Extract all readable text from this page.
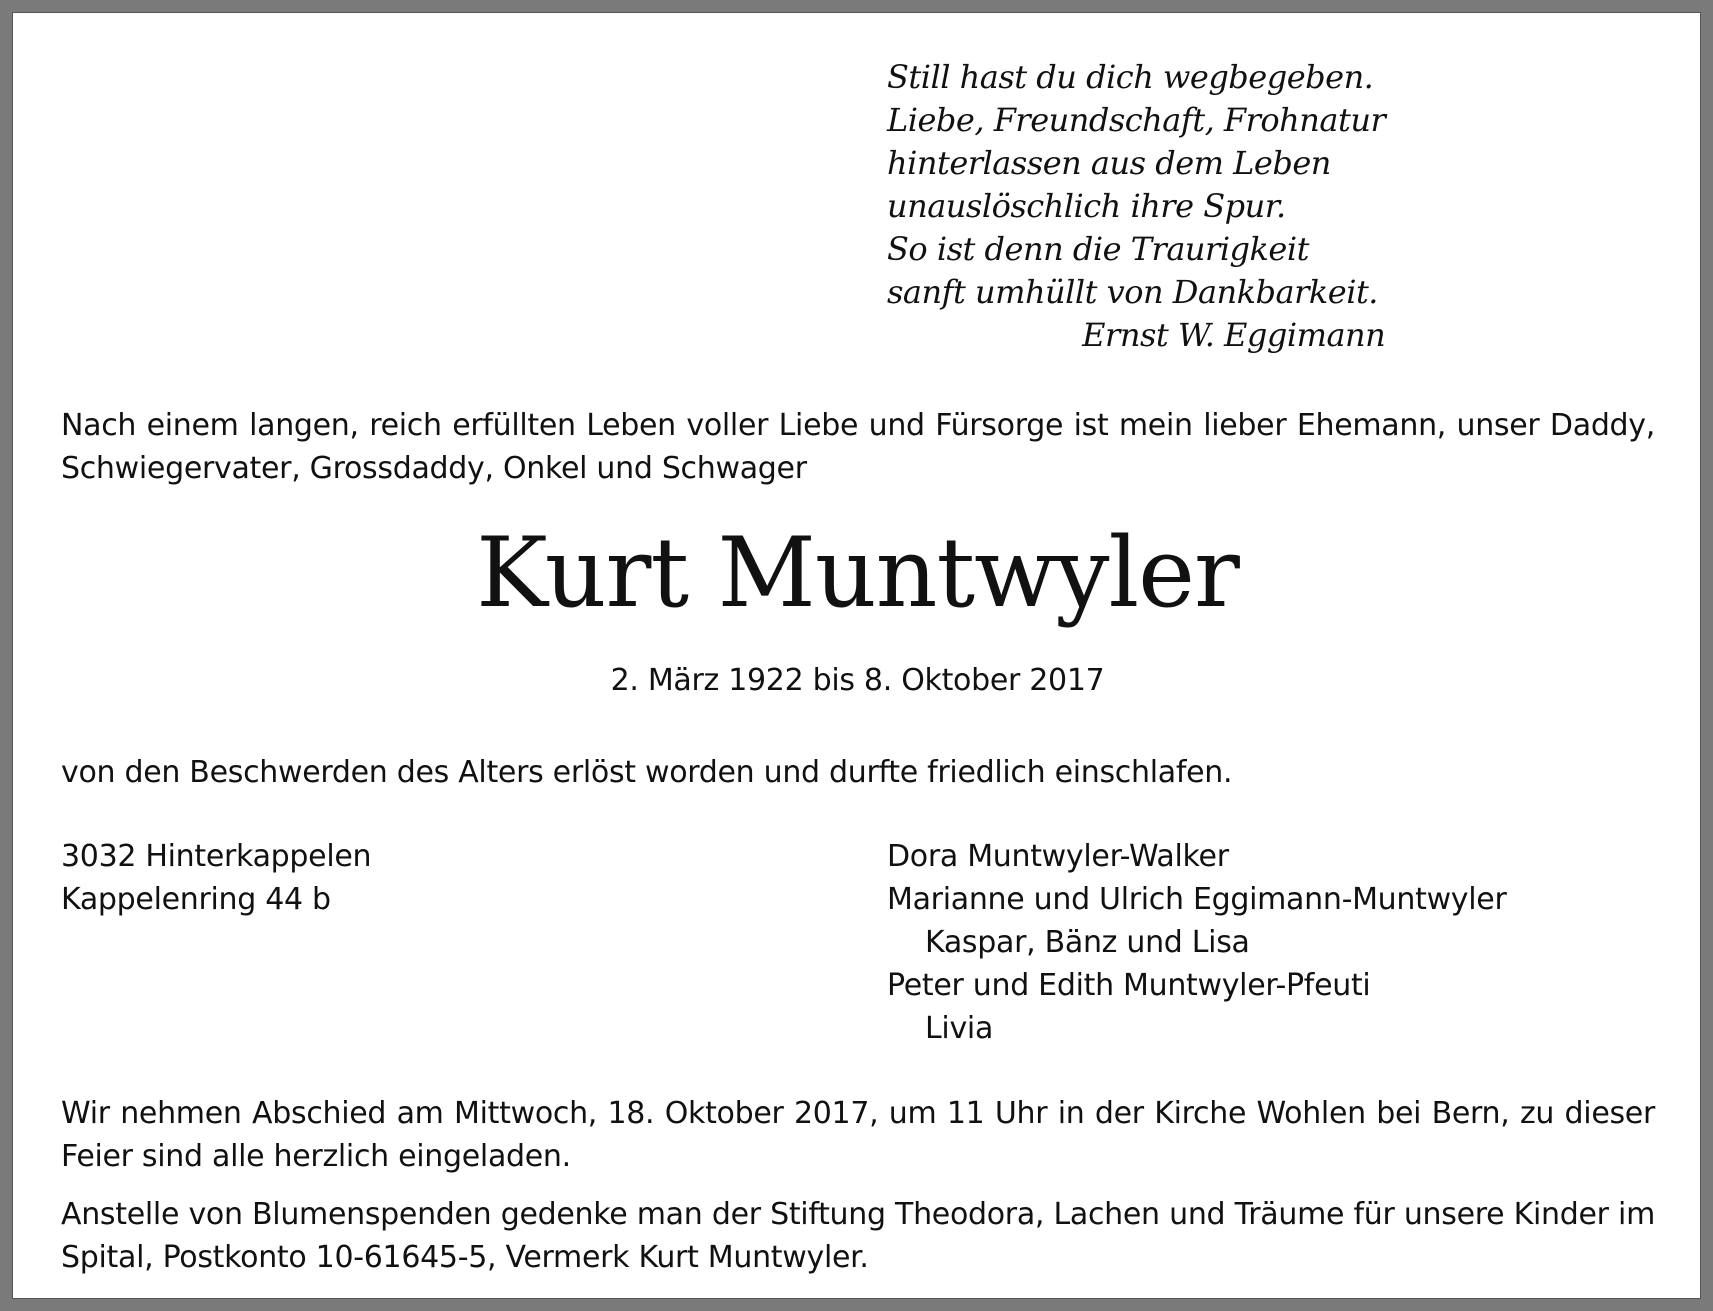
Still hast du dich wegbegeben.
Liebe, Freundschaft, Frohnatur
hinterlassen aus dem Leben
unauslöschlich ihre Spur.
So ist denn die Traurigkeit
sanft umhüllt von Dankbarkeit.
Ernst W. Eggimann

Nach einem langen, reich erfüllten Leben voller Liebe und Fürsorge ist mein lieber Ehemann, unser Daddy, Schwiegervater, Grossdaddy, Onkel und Schwager

Kurt Muntwyler

2. März 1922 bis 8. Oktober 2017

von den Beschwerden des Alters erlöst worden und durfte friedlich einschlafen.

3032 Hinterkappelen
Kappelenring 44 b
Dora Muntwyler-Walker
Marianne und Ulrich Eggimann-Muntwyler
Kaspar, Bänz und Lisa
Peter und Edith Muntwyler-Pfeuti
Livia

Wir nehmen Abschied am Mittwoch, 18. Oktober 2017, um 11 Uhr in der Kirche Wohlen bei Bern, zu dieser Feier sind alle herzlich eingeladen.

Anstelle von Blumenspenden gedenke man der Stiftung Theodora, Lachen und Träume für unsere Kinder im Spital, Postkonto 10-61645-5, Vermerk Kurt Muntwyler.
